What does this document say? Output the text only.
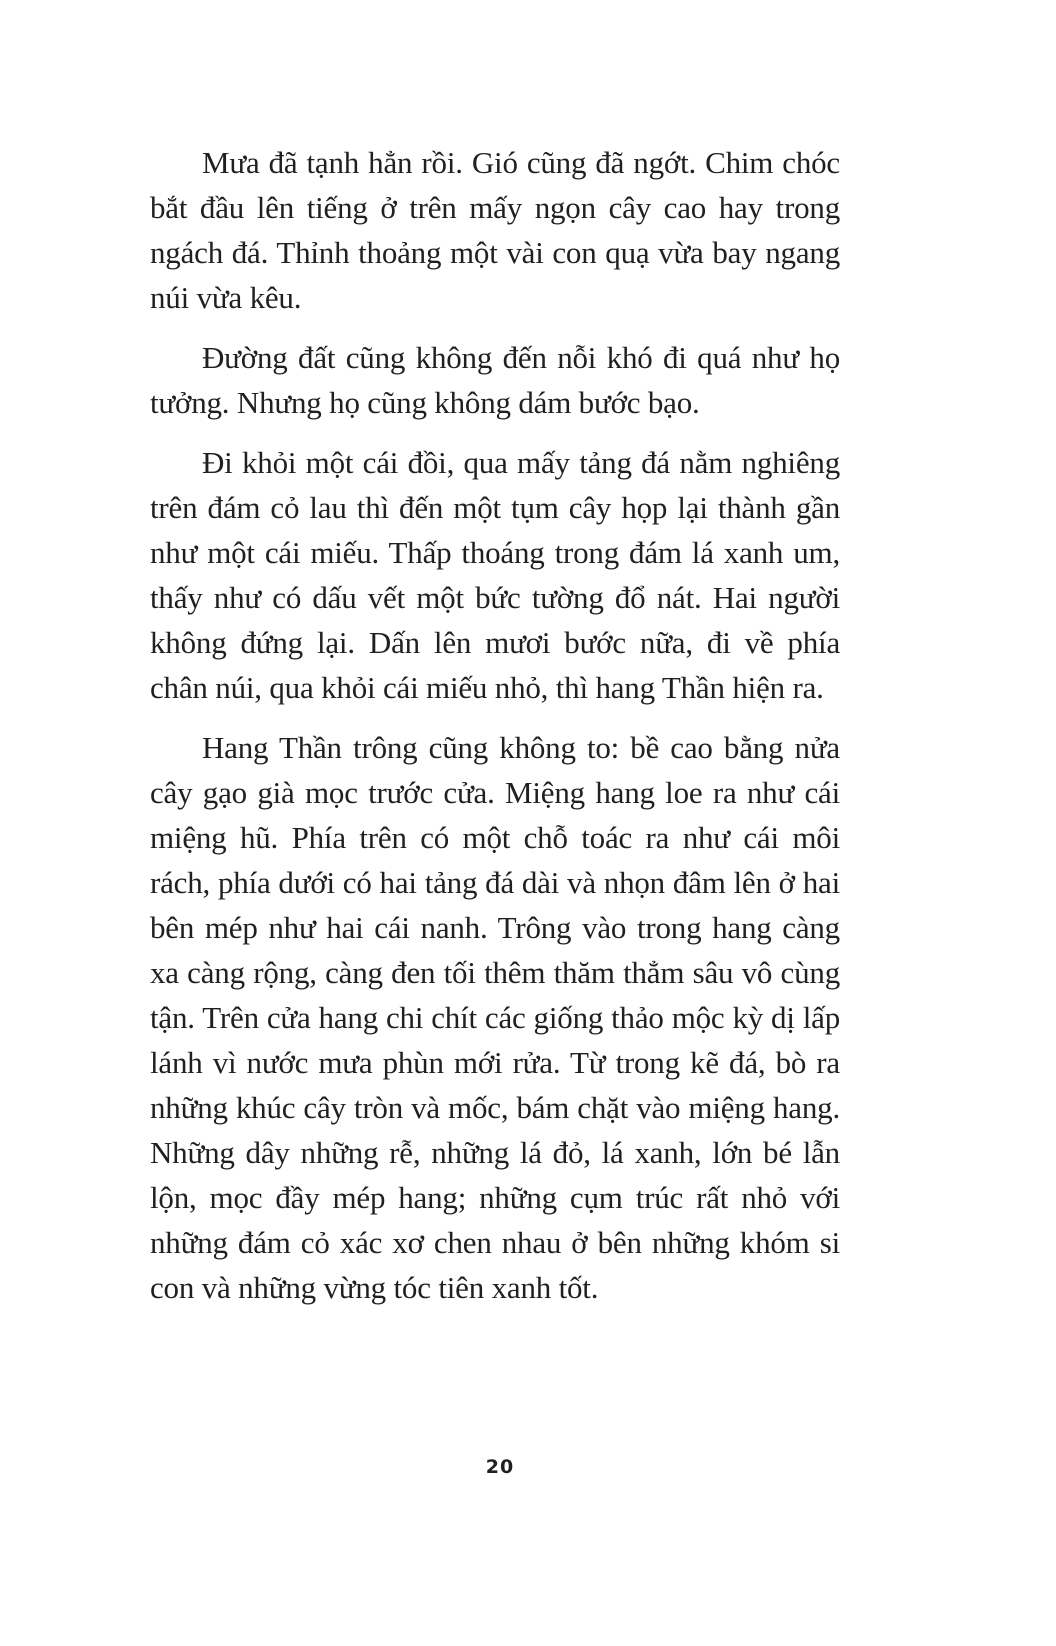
Mưa đã tạnh hẳn rồi. Gió cũng đã ngớt. Chim chóc bắt đầu lên tiếng ở trên mấy ngọn cây cao hay trong ngách đá. Thỉnh thoảng một vài con quạ vừa bay ngang núi vừa kêu.

Đường đất cũng không đến nỗi khó đi quá như họ tưởng. Nhưng họ cũng không dám bước bạo.

Đi khỏi một cái đồi, qua mấy tảng đá nằm nghiêng trên đám cỏ lau thì đến một tụm cây họp lại thành gần như một cái miếu. Thấp thoáng trong đám lá xanh um, thấy như có dấu vết một bức tường đổ nát. Hai người không đứng lại. Dấn lên mươi bước nữa, đi về phía chân núi, qua khỏi cái miếu nhỏ, thì hang Thần hiện ra.

Hang Thần trông cũng không to: bề cao bằng nửa cây gạo già mọc trước cửa. Miệng hang loe ra như cái miệng hũ. Phía trên có một chỗ toác ra như cái môi rách, phía dưới có hai tảng đá dài và nhọn đâm lên ở hai bên mép như hai cái nanh. Trông vào trong hang càng xa càng rộng, càng đen tối thêm thăm thẳm sâu vô cùng tận. Trên cửa hang chi chít các giống thảo mộc kỳ dị lấp lánh vì nước mưa phùn mới rửa. Từ trong kẽ đá, bò ra những khúc cây tròn và mốc, bám chặt vào miệng hang. Những dây những rễ, những lá đỏ, lá xanh, lớn bé lẫn lộn, mọc đầy mép hang; những cụm trúc rất nhỏ với những đám cỏ xác xơ chen nhau ở bên những khóm si con và những vừng tóc tiên xanh tốt.

20
